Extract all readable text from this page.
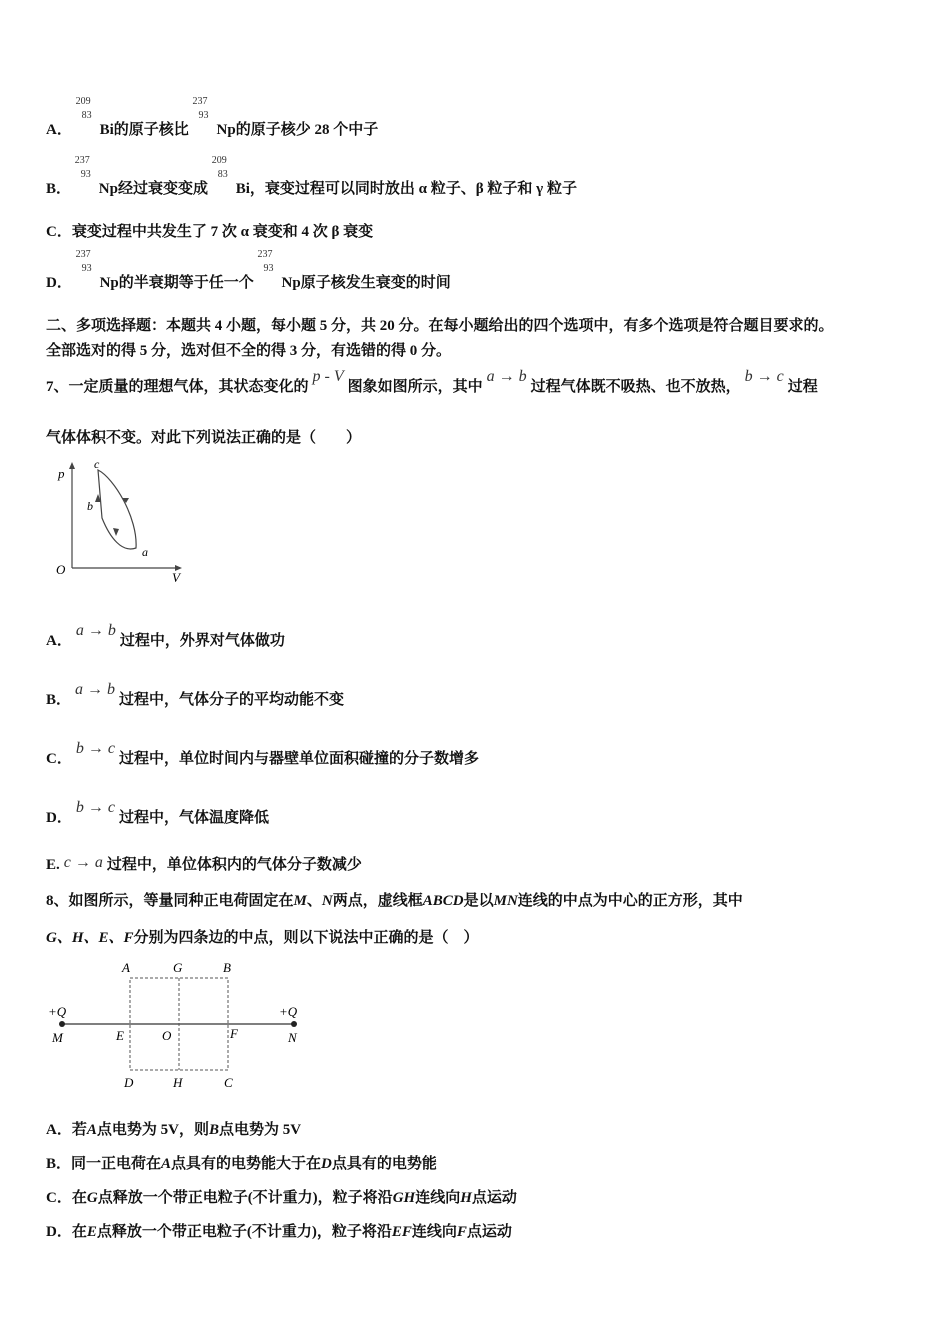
A．
209
83
Bi的原子核比
237
93
Np的原子核少 28 个中子
B．
237
93
Np经过衰变变成
209
83
Bi，衰变过程可以同时放出 α 粒子、β 粒子和 γ 粒子
C．衰变过程中共发生了 7 次 α 衰变和 4 次 β 衰变
D．
237
93
Np的半衰期等于任一个
237
93
Np原子核发生衰变的时间
二、多项选择题：本题共 4 小题，每小题 5 分，共 20 分。在每小题给出的四个选项中，有多个选项是符合题目要求的。
全部选对的得 5 分，选对但不全的得 3 分，有选错的得 0 分。
7、一定质量的理想气体，其状态变化的p - V图象如图所示，其中a → b过程气体既不吸热、也不放热，b → c过程
气体体积不变。对此下列说法正确的是（　　）
p
V
O
a
b
c
A．a → b过程中，外界对气体做功
B．a → b过程中，气体分子的平均动能不变
C．b → c过程中，单位时间内与器壁单位面积碰撞的分子数增多
D．b → c过程中，气体温度降低
E. c → a 过程中，单位体积内的气体分子数减少
8、如图所示，等量同种正电荷固定在M、N两点，虚线框ABCD是以MN连线的中点为中心的正方形，其中
G、H、E、F分别为四条边的中点，则以下说法中正确的是（　）
A	G	B
E	O	F
D	H	C
+Q	+Q
M	N
A．若A点电势为 5V，则B点电势为 5V
B．同一正电荷在A点具有的电势能大于在D点具有的电势能
C．在G点释放一个带正电粒子(不计重力)，粒子将沿GH连线向H点运动
D．在E点释放一个带正电粒子(不计重力)，粒子将沿EF连线向F点运动
